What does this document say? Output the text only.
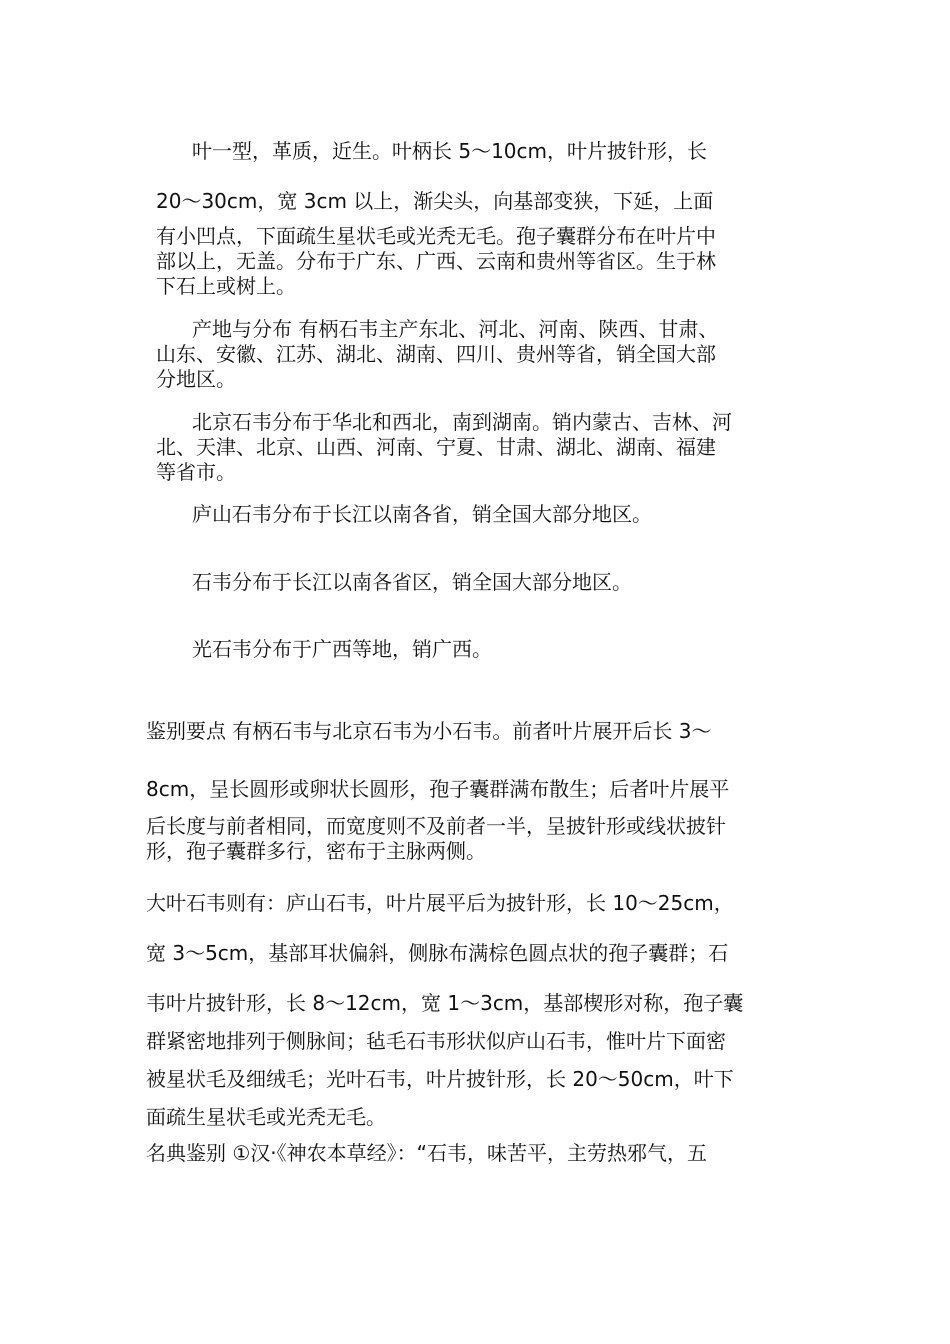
叶一型，革质，近生。叶柄长 5～10cm，叶片披针形，长
20～30cm，宽 3cm 以上，渐尖头，向基部变狭，下延，上面
有小凹点，下面疏生星状毛或光秃无毛。孢子囊群分布在叶片中
部以上，无盖。分布于广东、广西、云南和贵州等省区。生于林
下石上或树上。
产地与分布 有柄石韦主产东北、河北、河南、陕西、甘肃、
山东、安徽、江苏、湖北、湖南、四川、贵州等省，销全国大部
分地区。
北京石韦分布于华北和西北，南到湖南。销内蒙古、吉林、河
北、天津、北京、山西、河南、宁夏、甘肃、湖北、湖南、福建
等省市。
庐山石韦分布于长江以南各省，销全国大部分地区。
石韦分布于长江以南各省区，销全国大部分地区。
光石韦分布于广西等地，销广西。
鉴别要点 有柄石韦与北京石韦为小石韦。前者叶片展开后长 3～
8cm，呈长圆形或卵状长圆形，孢子囊群满布散生；后者叶片展平
后长度与前者相同，而宽度则不及前者一半，呈披针形或线状披针
形，孢子囊群多行，密布于主脉两侧。
大叶石韦则有：庐山石韦，叶片展平后为披针形，长 10～25cm，
宽 3～5cm，基部耳状偏斜，侧脉布满棕色圆点状的孢子囊群；石
韦叶片披针形，长 8～12cm，宽 1～3cm，基部楔形对称，孢子囊
群紧密地排列于侧脉间；毡毛石韦形状似庐山石韦，惟叶片下面密
被星状毛及细绒毛；光叶石韦，叶片披针形，长 20～50cm，叶下
面疏生星状毛或光秃无毛。
名典鉴别 ①汉·《神农本草经》：“石韦，味苦平，主劳热邪气，五
